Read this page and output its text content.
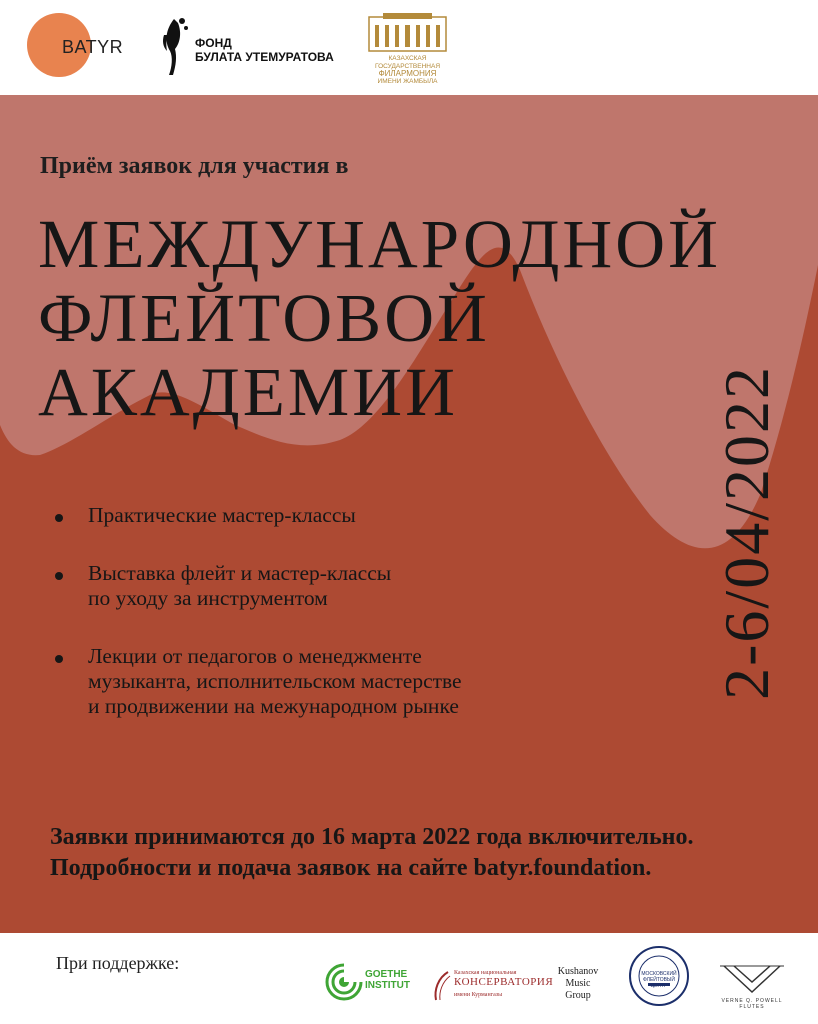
BATYR	ФОНД
БУЛАТА УТЕМУРАТОВА	КАЗАХСКАЯ ГОСУДАРСТВЕННАЯ
ФИЛАРМОНИЯ
ИМЕНИ ЖАМБЫЛА
Приём заявок для участия в
МЕЖДУНАРОДНОЙ
ФЛЕЙТОВОЙ
АКАДЕМИИ	2-6/04/2022
Практические мастер-классы
Выставка флейт и мастер-классы
по уходу за инструментом
Лекции от педагогов о менеджменте
музыканта, исполнительском мастерстве
и продвижении на межународном рынке
Заявки принимаются до 16 марта 2022 года включительно.
Подробности и подача заявок на сайте batyr.foundation.
При поддержке:
GOETHE
INSTITUT
Казахская национальная
КОНСЕРВАТОРИЯ
имени Курмангазы
Kushanov
Music
Group
МОСКОВСКИЙ ФЛЕЙТОВЫЙ ЦЕНТР
VERNE Q. POWELL FLUTES
